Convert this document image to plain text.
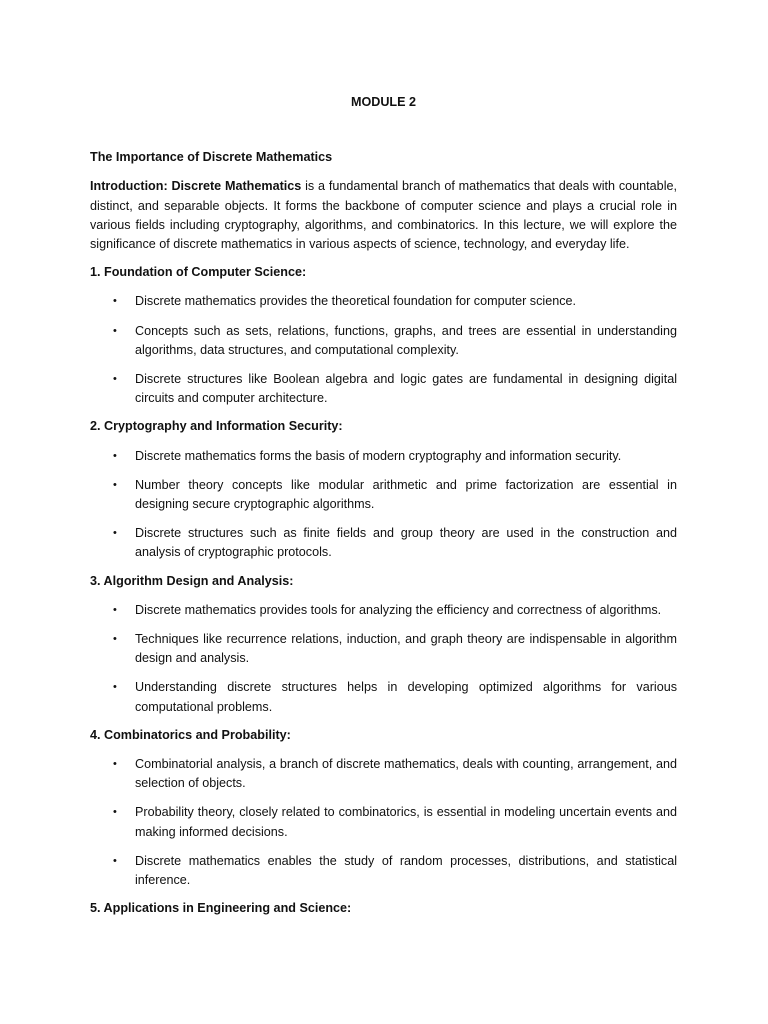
MODULE 2

The Importance of Discrete Mathematics

Introduction: Discrete Mathematics is a fundamental branch of mathematics that deals with countable, distinct, and separable objects. It forms the backbone of computer science and plays a crucial role in various fields including cryptography, algorithms, and combinatorics. In this lecture, we will explore the significance of discrete mathematics in various aspects of science, technology, and everyday life.

1. Foundation of Computer Science:

• Discrete mathematics provides the theoretical foundation for computer science.
• Concepts such as sets, relations, functions, graphs, and trees are essential in understanding algorithms, data structures, and computational complexity.
• Discrete structures like Boolean algebra and logic gates are fundamental in designing digital circuits and computer architecture.

2. Cryptography and Information Security:

• Discrete mathematics forms the basis of modern cryptography and information security.
• Number theory concepts like modular arithmetic and prime factorization are essential in designing secure cryptographic algorithms.
• Discrete structures such as finite fields and group theory are used in the construction and analysis of cryptographic protocols.

3. Algorithm Design and Analysis:

• Discrete mathematics provides tools for analyzing the efficiency and correctness of algorithms.
• Techniques like recurrence relations, induction, and graph theory are indispensable in algorithm design and analysis.
• Understanding discrete structures helps in developing optimized algorithms for various computational problems.

4. Combinatorics and Probability:

• Combinatorial analysis, a branch of discrete mathematics, deals with counting, arrangement, and selection of objects.
• Probability theory, closely related to combinatorics, is essential in modeling uncertain events and making informed decisions.
• Discrete mathematics enables the study of random processes, distributions, and statistical inference.

5. Applications in Engineering and Science:
